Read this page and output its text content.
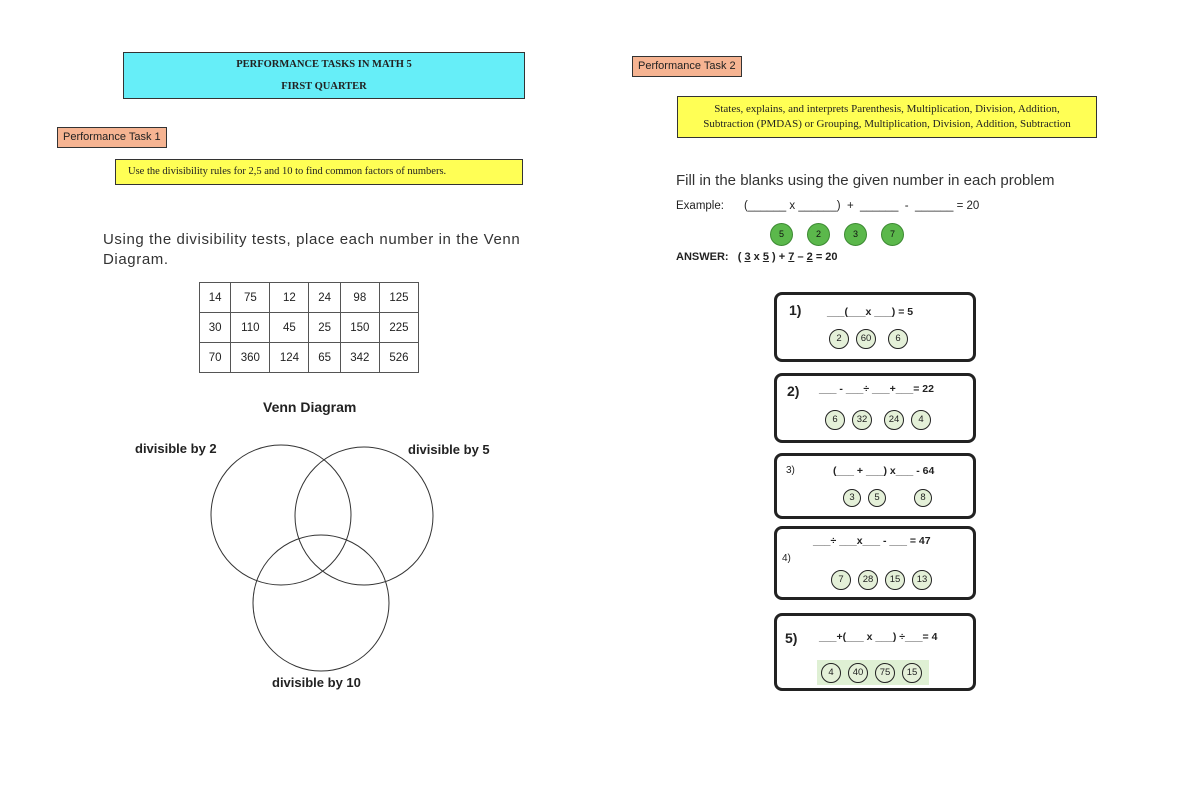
PERFORMANCE TASKS IN MATH 5
FIRST QUARTER
Performance Task 1
Use the divisibility rules for 2,5 and 10 to find common factors of numbers.
Using the divisibility tests, place each number in the Venn
Diagram.
14	75	12	24	98	125
30	110	45	25	150	225
70	360	124	65	342	526
Venn Diagram
divisible by 2	divisible by 5
divisible by 10
Performance Task 2
States, explains, and interprets Parenthesis, Multiplication, Division, Addition,
Subtraction (PMDAS) or Grouping, Multiplication, Division, Addition, Subtraction
Fill in the blanks using the given number in each problem
Example: (______ x ______)  +  ______  -  ______ = 20
5	2	3	7
ANSWER: ( 3 x 5 ) + 7 – 2 = 20
1) ___(___x ___) = 5
2 60	6
2) ___ - ___÷ ___+___= 22
6 32 24 4
3)	(___ + ___) x___ - 64
3 5	8
___÷ ___x___ - ___ = 47
4)
7 28 15 13
5) ___+(___ x ___) ÷___= 4
4 40 75 15
